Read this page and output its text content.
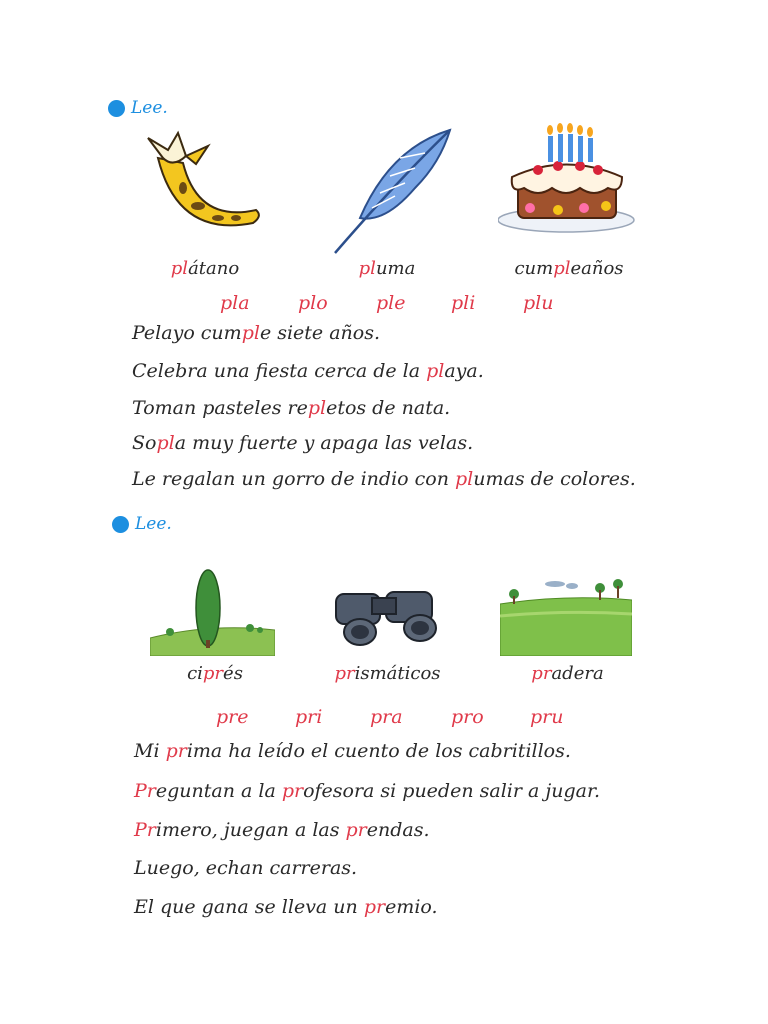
Lee.
plátano	pluma	cumpleaños
pla	plo	ple pli	plu
Pelayo cumple siete años.
Celebra una fiesta cerca de la playa.
Toman pasteles repletos de nata.
Sopla muy fuerte y apaga las velas.
Le regalan un gorro de indio con plumas de colores.
Lee.
ciprés	prismáticos	pradera
pre pri	pra	pro pru
Mi prima ha leído el cuento de los cabritillos.
Preguntan a la profesora si pueden salir a jugar.
Primero, juegan a las prendas.
Luego, echan carreras.
El que gana se lleva un premio.
